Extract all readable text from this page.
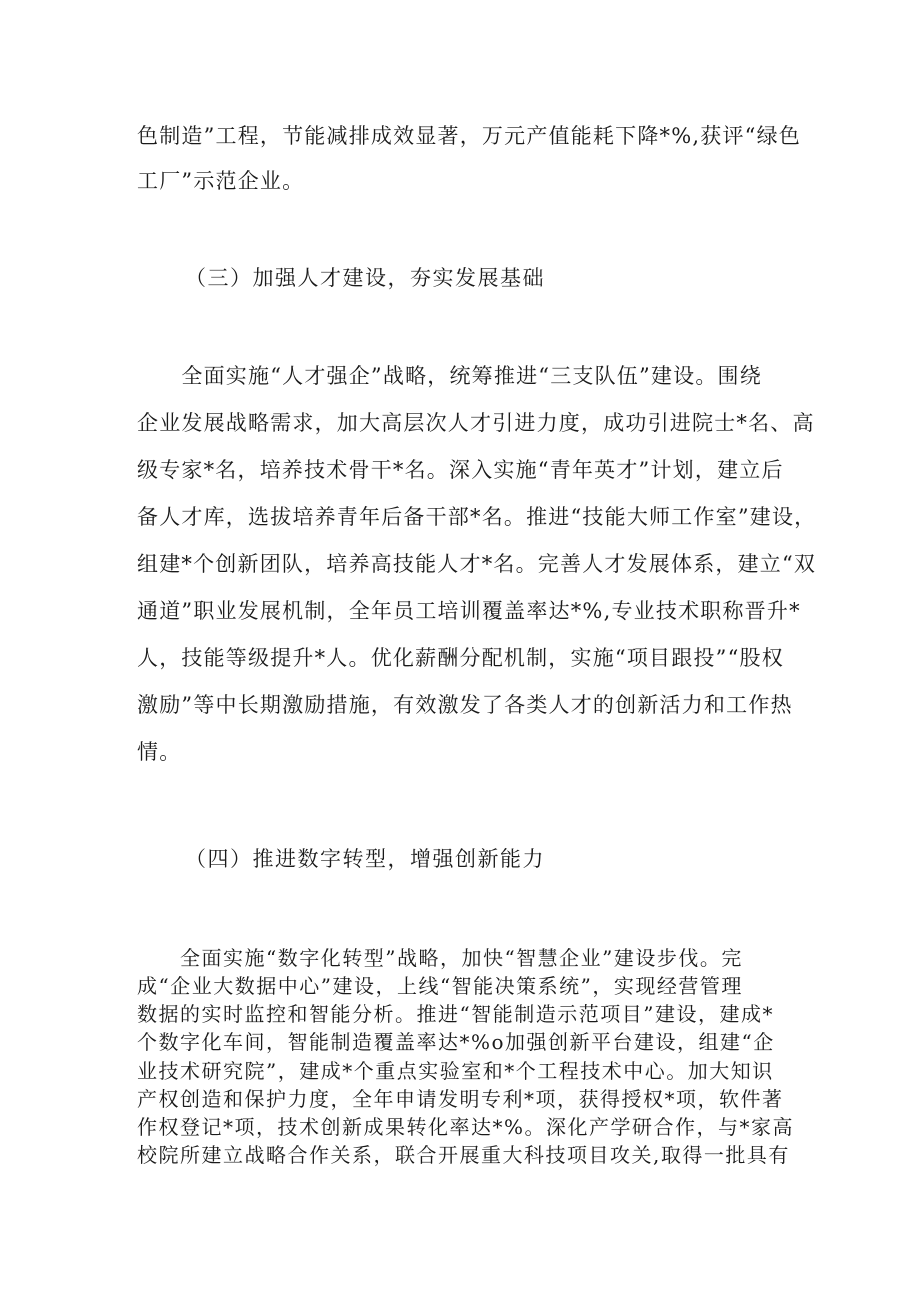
色制造”工程，节能减排成效显著，万元产值能耗下降*%,获评“绿色
工厂”示范企业。
（三）加强人才建设，夯实发展基础
　　全面实施“人才强企”战略，统筹推进“三支队伍”建设。围绕
企业发展战略需求，加大高层次人才引进力度，成功引进院士*名、高
级专家*名，培养技术骨干*名。深入实施“青年英才”计划，建立后
备人才库，选拔培养青年后备干部*名。推进“技能大师工作室”建设，
组建*个创新团队，培养高技能人才*名。完善人才发展体系，建立“双
通道”职业发展机制，全年员工培训覆盖率达*%,专业技术职称晋升*
人，技能等级提升*人。优化薪酬分配机制，实施“项目跟投”“股权
激励”等中长期激励措施，有效激发了各类人才的创新活力和工作热
情。
（四）推进数字转型，增强创新能力
　　全面实施“数字化转型”战略，加快“智慧企业”建设步伐。完
成“企业大数据中心”建设，上线“智能决策系统”，实现经营管理
数据的实时监控和智能分析。推进“智能制造示范项目”建设，建成*
个数字化车间，智能制造覆盖率达*%o加强创新平台建设，组建“企
业技术研究院”，建成*个重点实验室和*个工程技术中心。加大知识
产权创造和保护力度，全年申请发明专利*项，获得授权*项，软件著
作权登记*项，技术创新成果转化率达*%。深化产学研合作，与*家高
校院所建立战略合作关系，联合开展重大科技项目攻关,取得一批具有
